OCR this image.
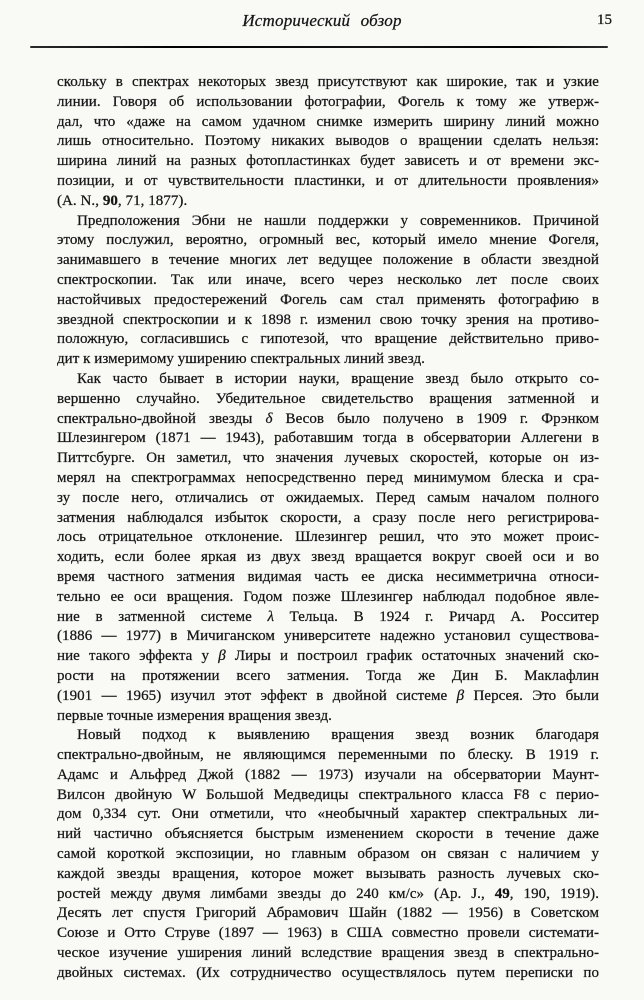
Исторический обзор	15
скольку в спектрах некоторых звезд присутствуют как широкие, так и узкие
линии. Говоря об использовании фотографии, Фогель к тому же утверж-
дал, что «даже на самом удачном снимке измерить ширину линий можно
лишь относительно. Поэтому никаких выводов о вращении сделать нельзя:
ширина линий на разных фотопластинках будет зависеть и от времени экс-
позиции, и от чувствительности пластинки, и от длительности проявления»
(A. N., 90, 71, 1877).
Предположения Эбни не нашли поддержки у современников. Причиной
этому послужил, вероятно, огромный вес, который имело мнение Фогеля,
занимавшего в течение многих лет ведущее положение в области звездной
спектроскопии. Так или иначе, всего через несколько лет после своих
настойчивых предостережений Фогель сам стал применять фотографию в
звездной спектроскопии и к 1898 г. изменил свою точку зрения на противо-
положную, согласившись с гипотезой, что вращение действительно приво-
дит к измеримому уширению спектральных линий звезд.
Как часто бывает в истории науки, вращение звезд было открыто со-
вершенно случайно. Убедительное свидетельство вращения затменной и
спектрально-двойной звезды δ Весов было получено в 1909 г. Фрэнком
Шлезингером (1871 — 1943), работавшим тогда в обсерватории Аллегени в
Питтсбурге. Он заметил, что значения лучевых скоростей, которые он из-
мерял на спектрограммах непосредственно перед минимумом блеска и сра-
зу после него, отличались от ожидаемых. Перед самым началом полного
затмения наблюдался избыток скорости, а сразу после него регистрирова-
лось отрицательное отклонение. Шлезингер решил, что это может проис-
ходить, если более яркая из двух звезд вращается вокруг своей оси и во
время частного затмения видимая часть ее диска несимметрична относи-
тельно ее оси вращения. Годом позже Шлезингер наблюдал подобное явле-
ние в затменной системе λ Тельца. В 1924 г. Ричард А. Росситер
(1886 — 1977) в Мичиганском университете надежно установил существова-
ние такого эффекта у β Лиры и построил график остаточных значений ско-
рости на протяжении всего затмения. Тогда же Дин Б. Маклафлин
(1901 — 1965) изучил этот эффект в двойной системе β Персея. Это были
первые точные измерения вращения звезд.
Новый подход к выявлению вращения звезд возник благодаря
спектрально-двойным, не являющимся переменными по блеску. В 1919 г.
Адамс и Альфред Джой (1882 — 1973) изучали на обсерватории Маунт-
Вилсон двойную W Большой Медведицы спектрального класса F8 с перио-
дом 0,334 сут. Они отметили, что «необычный характер спектральных ли-
ний частично объясняется быстрым изменением скорости в течение даже
самой короткой экспозиции, но главным образом он связан с наличием у
каждой звезды вращения, которое может вызывать разность лучевых ско-
ростей между двумя лимбами звезды до 240 км/с» (Ap. J., 49, 190, 1919).
Десять лет спустя Григорий Абрамович Шайн (1882 — 1956) в Советском
Союзе и Отто Струве (1897 — 1963) в США совместно провели системати-
ческое изучение уширения линий вследствие вращения звезд в спектрально-
двойных системах. (Их сотрудничество осуществлялось путем переписки по
